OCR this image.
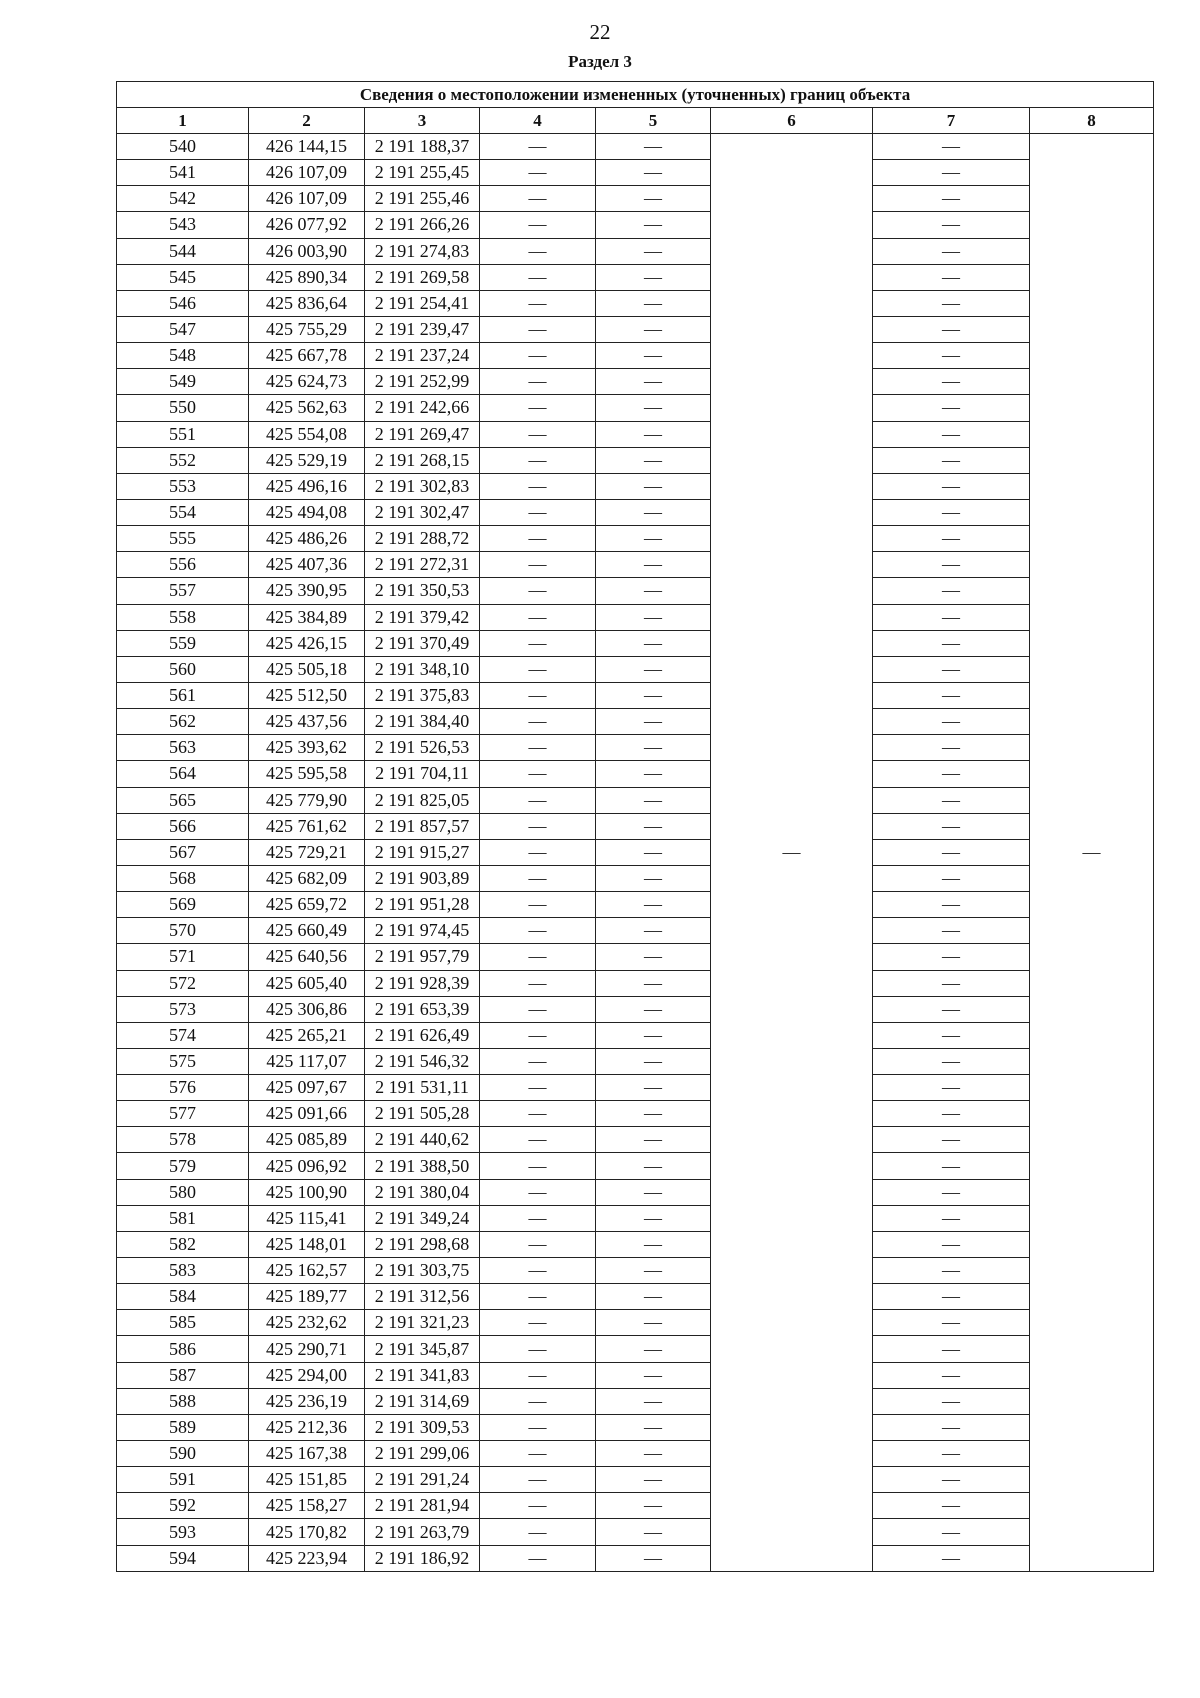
22
Раздел 3
Сведения о местоположении измененных (уточненных) границ объекта							
1	2	3	4	5	6	7	8
540	426 144,15	2 191 188,37	—	—	—	—	—
541	426 107,09	2 191 255,45	—	—		—	
542	426 107,09	2 191 255,46	—	—		—	
543	426 077,92	2 191 266,26	—	—		—	
544	426 003,90	2 191 274,83	—	—		—	
545	425 890,34	2 191 269,58	—	—		—	
546	425 836,64	2 191 254,41	—	—		—	
547	425 755,29	2 191 239,47	—	—		—	
548	425 667,78	2 191 237,24	—	—		—	
549	425 624,73	2 191 252,99	—	—		—	
550	425 562,63	2 191 242,66	—	—		—	
551	425 554,08	2 191 269,47	—	—		—	
552	425 529,19	2 191 268,15	—	—		—	
553	425 496,16	2 191 302,83	—	—		—	
554	425 494,08	2 191 302,47	—	—		—	
555	425 486,26	2 191 288,72	—	—		—	
556	425 407,36	2 191 272,31	—	—		—	
557	425 390,95	2 191 350,53	—	—		—	
558	425 384,89	2 191 379,42	—	—		—	
559	425 426,15	2 191 370,49	—	—		—	
560	425 505,18	2 191 348,10	—	—		—	
561	425 512,50	2 191 375,83	—	—		—	
562	425 437,56	2 191 384,40	—	—		—	
563	425 393,62	2 191 526,53	—	—		—	
564	425 595,58	2 191 704,11	—	—		—	
565	425 779,90	2 191 825,05	—	—		—	
566	425 761,62	2 191 857,57	—	—		—	
567	425 729,21	2 191 915,27	—	—		—	
568	425 682,09	2 191 903,89	—	—		—	
569	425 659,72	2 191 951,28	—	—		—	
570	425 660,49	2 191 974,45	—	—		—	
571	425 640,56	2 191 957,79	—	—		—	
572	425 605,40	2 191 928,39	—	—		—	
573	425 306,86	2 191 653,39	—	—		—	
574	425 265,21	2 191 626,49	—	—		—	
575	425 117,07	2 191 546,32	—	—		—	
576	425 097,67	2 191 531,11	—	—		—	
577	425 091,66	2 191 505,28	—	—		—	
578	425 085,89	2 191 440,62	—	—		—	
579	425 096,92	2 191 388,50	—	—		—	
580	425 100,90	2 191 380,04	—	—		—	
581	425 115,41	2 191 349,24	—	—		—	
582	425 148,01	2 191 298,68	—	—		—	
583	425 162,57	2 191 303,75	—	—		—	
584	425 189,77	2 191 312,56	—	—		—	
585	425 232,62	2 191 321,23	—	—		—	
586	425 290,71	2 191 345,87	—	—		—	
587	425 294,00	2 191 341,83	—	—		—	
588	425 236,19	2 191 314,69	—	—		—	
589	425 212,36	2 191 309,53	—	—		—	
590	425 167,38	2 191 299,06	—	—		—	
591	425 151,85	2 191 291,24	—	—		—	
592	425 158,27	2 191 281,94	—	—		—	
593	425 170,82	2 191 263,79	—	—		—	
594	425 223,94	2 191 186,92	—	—		—	
